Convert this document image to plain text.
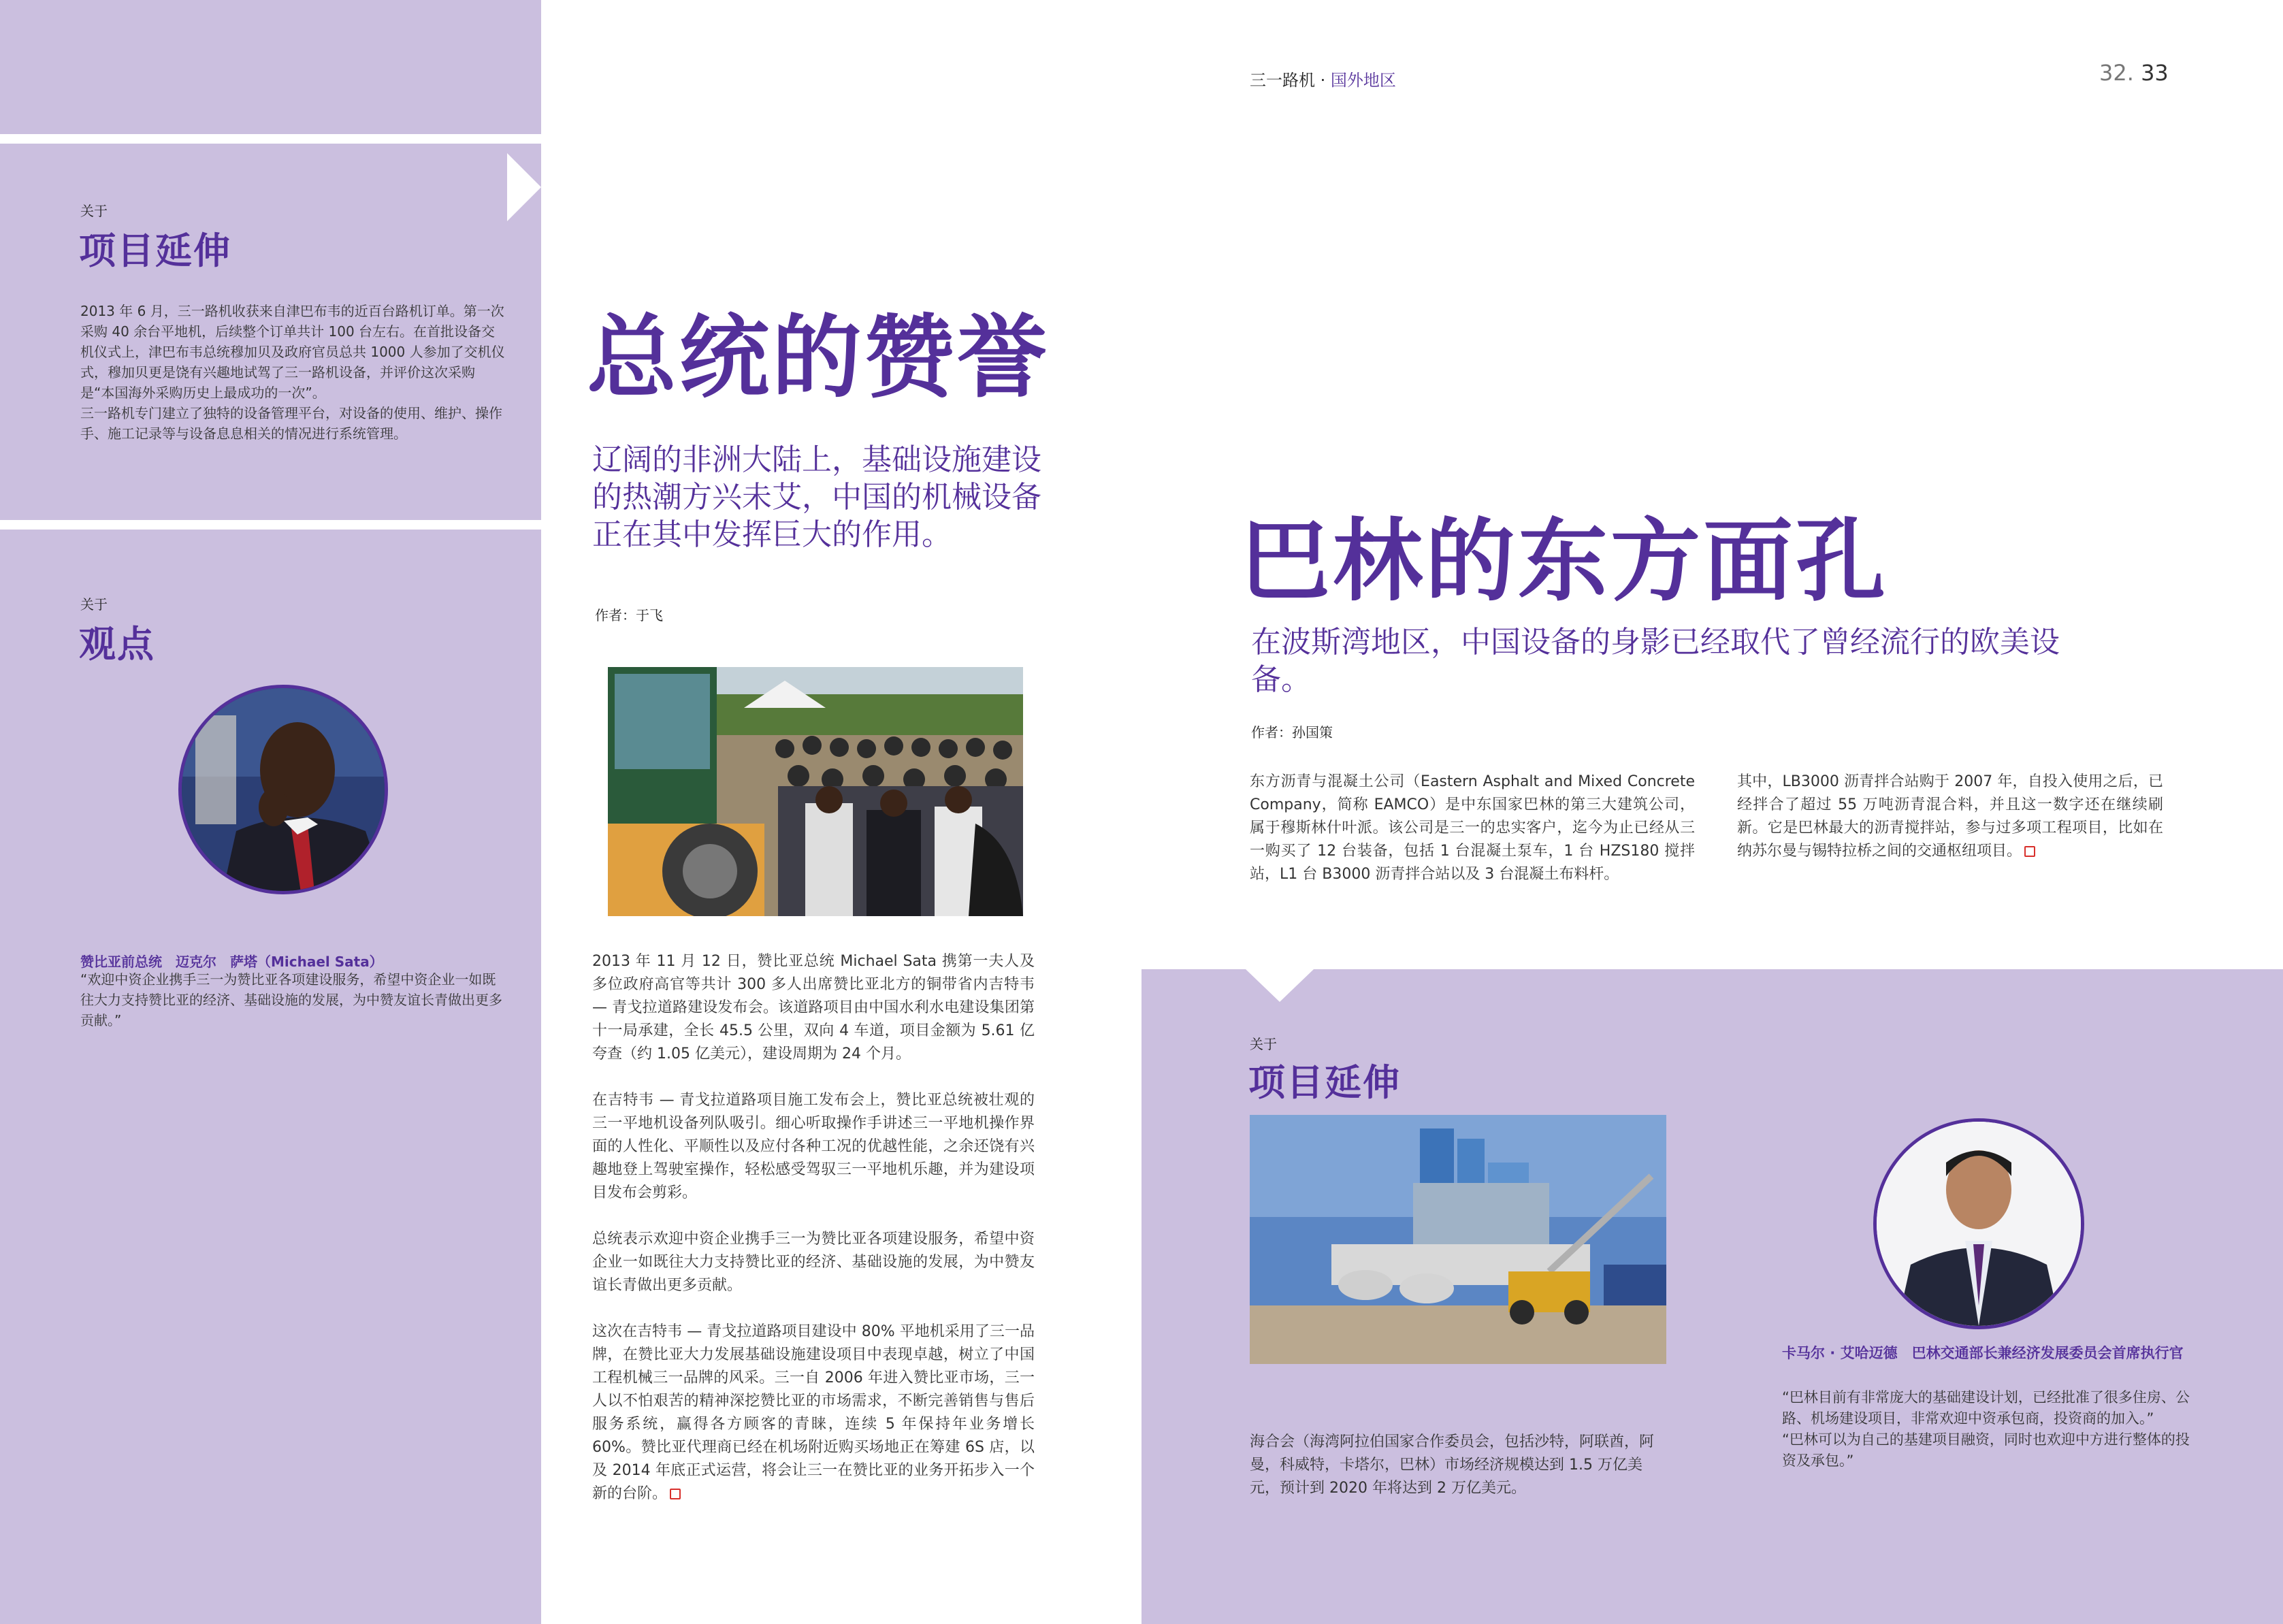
关于
项目延伸
2013 年 6 月，三一路机收获来自津巴布韦的近百台路机订单。第一次采购 40 余台平地机，后续整个订单共计 100 台左右。在首批设备交机仪式上，津巴布韦总统穆加贝及政府官员总共 1000 人参加了交机仪式，穆加贝更是饶有兴趣地试驾了三一路机设备，并评价这次采购是“本国海外采购历史上最成功的一次”。
三一路机专门建立了独特的设备管理平台，对设备的使用、维护、操作手、施工记录等与设备息息相关的情况进行系统管理。
关于
观点
赞比亚前总统　迈克尔　萨塔（Michael Sata）
“欢迎中资企业携手三一为赞比亚各项建设服务，希望中资企业一如既往大力支持赞比亚的经济、基础设施的发展，为中赞友谊长青做出更多贡献。”
三一路机 · 国外地区	32. 33
总统的赞誉
辽阔的非洲大陆上，基础设施建设的热潮方兴未艾，中国的机械设备正在其中发挥巨大的作用。
作者：于飞

2013 年 11 月 12 日，赞比亚总统 Michael Sata 携第一夫人及多位政府高官等共计 300 多人出席赞比亚北方的铜带省内吉特韦 — 青戈拉道路建设发布会。该道路项目由中国水利水电建设集团第十一局承建，全长 45.5 公里，双向 4 车道，项目金额为 5.61 亿夸查（约 1.05 亿美元），建设周期为 24 个月。

在吉特韦 — 青戈拉道路项目施工发布会上，赞比亚总统被壮观的三一平地机设备列队吸引。细心听取操作手讲述三一平地机操作界面的人性化、平顺性以及应付各种工况的优越性能，之余还饶有兴趣地登上驾驶室操作，轻松感受驾驭三一平地机乐趣，并为建设项目发布会剪彩。

总统表示欢迎中资企业携手三一为赞比亚各项建设服务，希望中资企业一如既往大力支持赞比亚的经济、基础设施的发展，为中赞友谊长青做出更多贡献。

这次在吉特韦 — 青戈拉道路项目建设中 80% 平地机采用了三一品牌，在赞比亚大力发展基础设施建设项目中表现卓越，树立了中国工程机械三一品牌的风采。三一自 2006 年进入赞比亚市场，三一人以不怕艰苦的精神深挖赞比亚的市场需求，不断完善销售与售后服务系统，赢得各方顾客的青睐，连续 5 年保持年业务增长 60%。赞比亚代理商已经在机场附近购买场地正在筹建 6S 店，以及 2014 年底正式运营，将会让三一在赞比亚的业务开拓步入一个新的台阶。

巴林的东方面孔
在波斯湾地区，中国设备的身影已经取代了曾经流行的欧美设备。
作者：孙国策
东方沥青与混凝土公司（Eastern Asphalt and Mixed Concrete Company，简称 EAMCO）是中东国家巴林的第三大建筑公司，属于穆斯林什叶派。该公司是三一的忠实客户，迄今为止已经从三一购买了 12 台装备，包括 1 台混凝土泵车，1 台 HZS180 搅拌站，L1 台 B3000 沥青拌合站以及 3 台混凝土布料杆。
其中，LB3000 沥青拌合站购于 2007 年，自投入使用之后，已经拌合了超过 55 万吨沥青混合料，并且这一数字还在继续刷新。它是巴林最大的沥青搅拌站，参与过多项工程项目，比如在纳苏尔曼与锡特拉桥之间的交通枢纽项目。
关于
项目延伸
海合会（海湾阿拉伯国家合作委员会，包括沙特，阿联酋，阿曼，科威特，卡塔尔，巴林）市场经济规模达到 1.5 万亿美元，预计到 2020 年将达到 2 万亿美元。
卡马尔 · 艾哈迈德　巴林交通部长兼经济发展委员会首席执行官
“巴林目前有非常庞大的基础建设计划，已经批准了很多住房、公路、机场建设项目，非常欢迎中资承包商，投资商的加入。”
“巴林可以为自己的基建项目融资，同时也欢迎中方进行整体的投资及承包。”
